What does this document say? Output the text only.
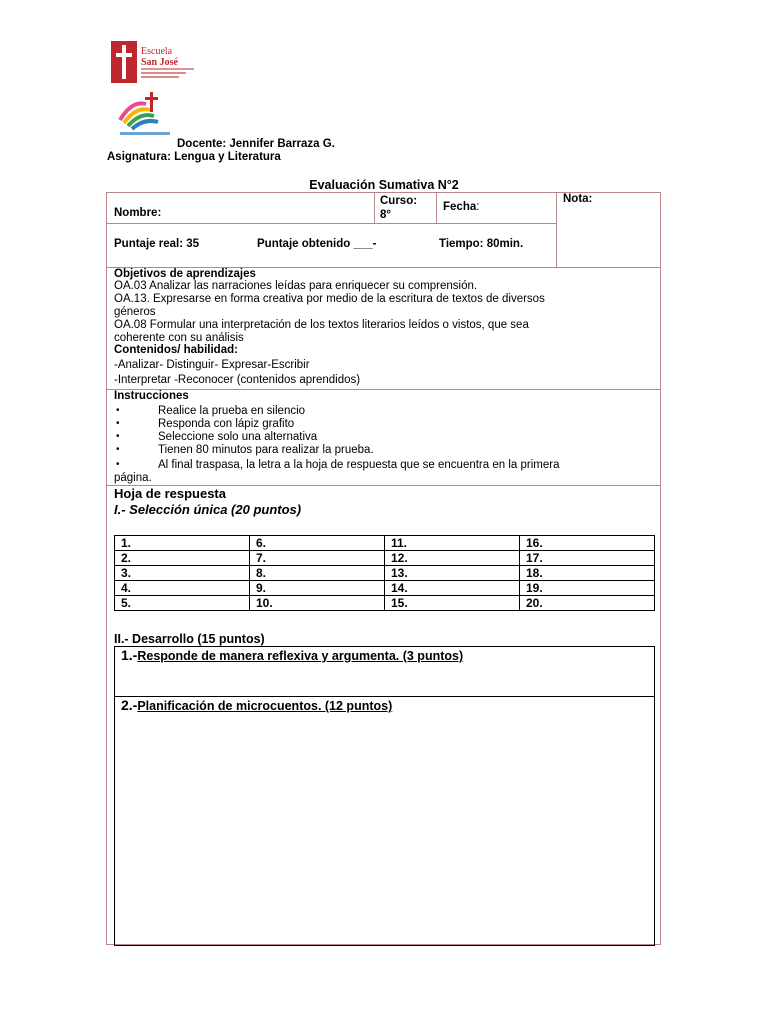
Escuela
San José
Docente: Jennifer Barraza G.
Asignatura: Lengua y Literatura
Evaluación Sumativa N°2
Nombre:
Curso:
8°
Fecha:
Nota:
Puntaje real: 35	Puntaje obtenido ___-	Tiempo: 80min.
Objetivos de aprendizajes
OA.03 Analizar las narraciones leídas para enriquecer su comprensión.
OA.13. Expresarse en forma creativa por medio de la escritura de textos de diversos
géneros
OA.08 Formular una interpretación de los textos literarios leídos o vistos, que sea
coherente con su análisis
Contenidos/ habilidad:
-Analizar- Distinguir- Expresar-Escribir
-Interpretar -Reconocer (contenidos aprendidos)
Instrucciones
•	Realice la prueba en silencio
•	Responda con lápiz grafito
•	Seleccione solo una alternativa
•	Tienen 80 minutos para realizar la prueba.
•	Al final traspasa, la letra a la hoja de respuesta que se encuentra en la primera
página.
Hoja de respuesta
I.- Selección única (20 puntos)
1.	6.	11.	16.
2.	7.	12.	17.
3.	8.	13.	18.
4.	9.	14.	19.
5.	10.	15.	20.
II.- Desarrollo (15 puntos)
1.-Responde de manera reflexiva y argumenta. (3 puntos)
2.-Planificación de microcuentos. (12 puntos)
